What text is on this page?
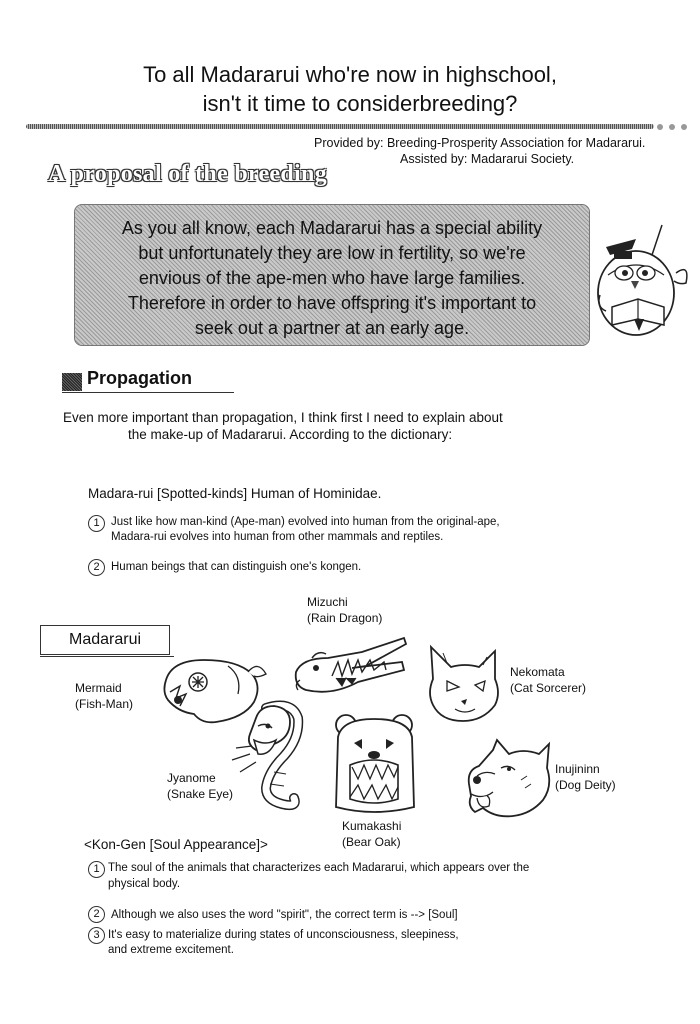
To all Madararui who're now in highschool,
isn't it time to considerbreeding?
Provided by: Breeding-Prosperity Association for Madararui.
Assisted by: Madararui Society.
A proposal of the breeding
As you all know, each Madararui has a special ability
but unfortunately they are low in fertility, so we're
envious of the ape-men who have large families.
Therefore in order to have offspring it's important to
seek out a partner at an early age.
Propagation
Even more important than propagation, I think first I need to explain about
the make-up of Madararui. According to the dictionary:
Madara-rui [Spotted-kinds] Human of Hominidae.
1 Just like how man-kind (Ape-man) evolved into human from the original-ape,
Madara-rui evolves into human from other mammals and reptiles.
2 Human beings that can distinguish one's kongen.
Madararui
Mizuchi
(Rain Dragon)
Mermaid
(Fish-Man)
Nekomata
(Cat Sorcerer)
Jyanome
(Snake Eye)
Kumakashi
(Bear Oak)
Inujininn
(Dog Deity)
<Kon-Gen [Soul Appearance]>
1 The soul of the animals that characterizes each Madararui, which appears over the
physical body.
2 Although we also uses the word "spirit", the correct term is --> [Soul]
3 It's easy to materialize during states of unconsciousness, sleepiness,
and extreme excitement.
